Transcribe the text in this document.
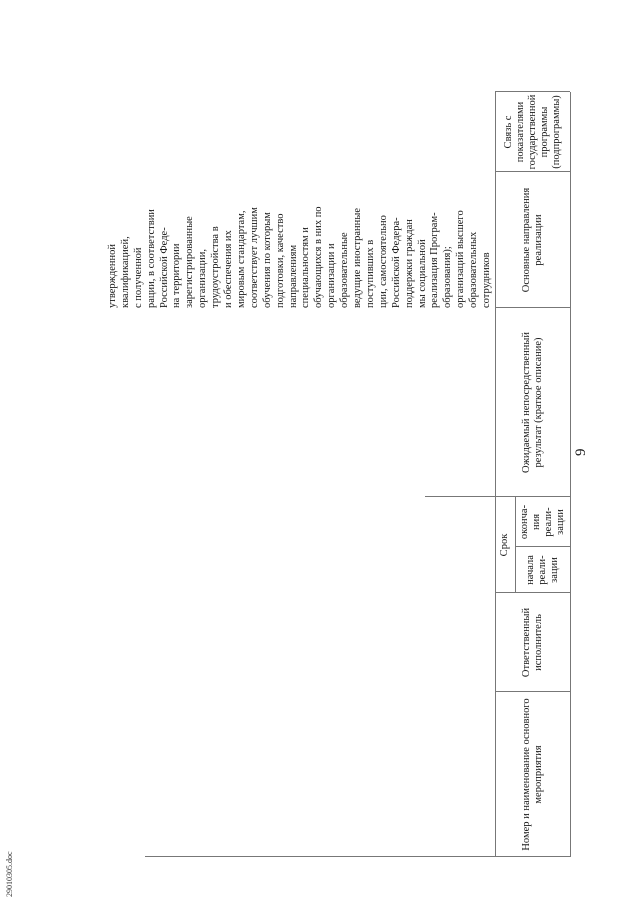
29010305.doc
9
Номер и наименование основного мероприятия
Ответственный исполнитель
Срок
начала реали-зации
оконча-ния реали-зации
Ожидаемый непосредственный результат (краткое описание)
Основные направления реализации
Связь с показателями государственной программы (подпрограммы)
сотрудников
образовательных
организаций высшего
образования);
реализация Програм-
мы социальной
поддержки граждан
Российской Федера-
ции, самостоятельно
поступивших в
ведущие иностранные
образовательные
организации и
обучающихся в них по
специальностям и
направлениям
подготовки, качество
обучения по которым
соответствует лучшим
мировым стандартам,
и обеспечения их
трудоустройства в
организации,
зарегистрированные
на территории
Российской Феде-
рации, в соответствии
с полученной
квалификацией,
утвержденной
